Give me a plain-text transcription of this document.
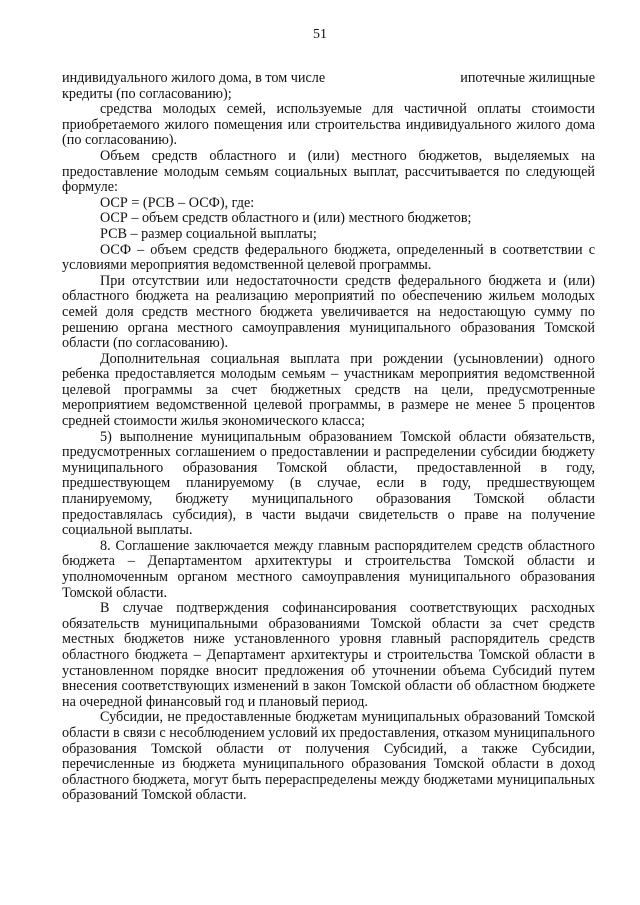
51
индивидуального жилого дома, в том числе	ипотечные жилищные

кредиты (по согласованию);

средства молодых семей, используемые для частичной оплаты стоимости приобретаемого жилого помещения или строительства индивидуального жилого дома (по согласованию).

Объем средств областного и (или) местного бюджетов, выделяемых на предоставление молодым семьям социальных выплат, рассчитывается по следующей формуле:

ОСР = (РСВ – ОСФ), где:

ОСР – объем средств областного и (или) местного бюджетов;

РСВ – размер социальной выплаты;

ОСФ – объем средств федерального бюджета, определенный в соответствии с условиями мероприятия ведомственной целевой программы.

При отсутствии или недостаточности средств федерального бюджета и (или) областного бюджета на реализацию мероприятий по обеспечению жильем молодых семей доля средств местного бюджета увеличивается на недостающую сумму по решению органа местного самоуправления муниципального образования Томской области (по согласованию).

Дополнительная социальная выплата при рождении (усыновлении) одного ребенка предоставляется молодым семьям – участникам мероприятия ведомственной целевой программы за счет бюджетных средств на цели, предусмотренные мероприятием ведомственной целевой программы, в размере не менее 5 процентов средней стоимости жилья экономического класса;

5) выполнение муниципальным образованием Томской области обязательств, предусмотренных соглашением о предоставлении и распределении субсидии бюджету муниципального образования Томской области, предоставленной в году, предшествующем планируемому (в случае, если в году, предшествующем планируемому, бюджету муниципального образования Томской области предоставлялась субсидия), в части выдачи свидетельств о праве на получение социальной выплаты.

8. Соглашение заключается между главным распорядителем средств областного бюджета – Департаментом архитектуры и строительства Томской области и уполномоченным органом местного самоуправления муниципального образования Томской области.

В случае подтверждения софинансирования соответствующих расходных обязательств муниципальными образованиями Томской области за счет средств местных бюджетов ниже установленного уровня главный распорядитель средств областного бюджета – Департамент архитектуры и строительства Томской области в установленном порядке вносит предложения об уточнении объема Субсидий путем внесения соответствующих изменений в закон Томской области об областном бюджете на очередной финансовый год и плановый период.

Субсидии, не предоставленные бюджетам муниципальных образований Томской области в связи с несоблюдением условий их предоставления, отказом муниципального образования Томской области от получения Субсидий, а также Субсидии, перечисленные из бюджета муниципального образования Томской области в доход областного бюджета, могут быть перераспределены между бюджетами муниципальных образований Томской области.
